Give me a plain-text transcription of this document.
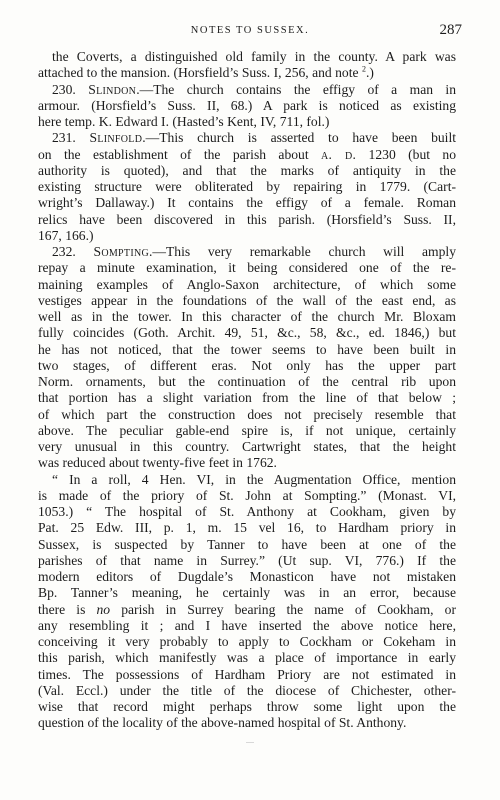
NOTES TO SUSSEX.	287
the Coverts, a distinguished old family in the county. A park was
attached to the mansion. (Horsfield’s Suss. I, 256, and note $^2$.)
230. Slindon.—The church contains the effigy of a man in
armour. (Horsfield’s Suss. II, 68.) A park is noticed as existing
here temp. K. Edward I. (Hasted’s Kent, IV, 711, fol.)
231. Slinfold.—This church is asserted to have been built
on the establishment of the parish about a. d. 1230 (but no
authority is quoted), and that the marks of antiquity in the
existing structure were obliterated by repairing in 1779. (Cart-
wright’s Dallaway.) It contains the effigy of a female. Roman
relics have been discovered in this parish. (Horsfield’s Suss. II,
167, 166.)
232. Sompting.—This very remarkable church will amply
repay a minute examination, it being considered one of the re-
maining examples of Anglo-Saxon architecture, of which some
vestiges appear in the foundations of the wall of the east end, as
well as in the tower. In this character of the church Mr. Bloxam
fully coincides (Goth. Archit. 49, 51, &c., 58, &c., ed. 1846,) but
he has not noticed, that the tower seems to have been built in
two stages, of different eras. Not only has the upper part
Norm. ornaments, but the continuation of the central rib upon
that portion has a slight variation from the line of that below ;
of which part the construction does not precisely resemble that
above. The peculiar gable-end spire is, if not unique, certainly
very unusual in this country. Cartwright states, that the height
was reduced about twenty-five feet in 1762.
“ In a roll, 4 Hen. VI, in the Augmentation Office, mention
is made of the priory of St. John at Sompting.” (Monast. VI,
1053.) “ The hospital of St. Anthony at Cookham, given by
Pat. 25 Edw. III, p. 1, m. 15 vel 16, to Hardham priory in
Sussex, is suspected by Tanner to have been at one of the
parishes of that name in Surrey.” (Ut sup. VI, 776.) If the
modern editors of Dugdale’s Monasticon have not mistaken
Bp. Tanner’s meaning, he certainly was in an error, because
there is no parish in Surrey bearing the name of Cookham, or
any resembling it ; and I have inserted the above notice here,
conceiving it very probably to apply to Cockham or Cokeham in
this parish, which manifestly was a place of importance in early
times. The possessions of Hardham Priory are not estimated in
(Val. Eccl.) under the title of the diocese of Chichester, other-
wise that record might perhaps throw some light upon the
question of the locality of the above-named hospital of St. Anthony.
